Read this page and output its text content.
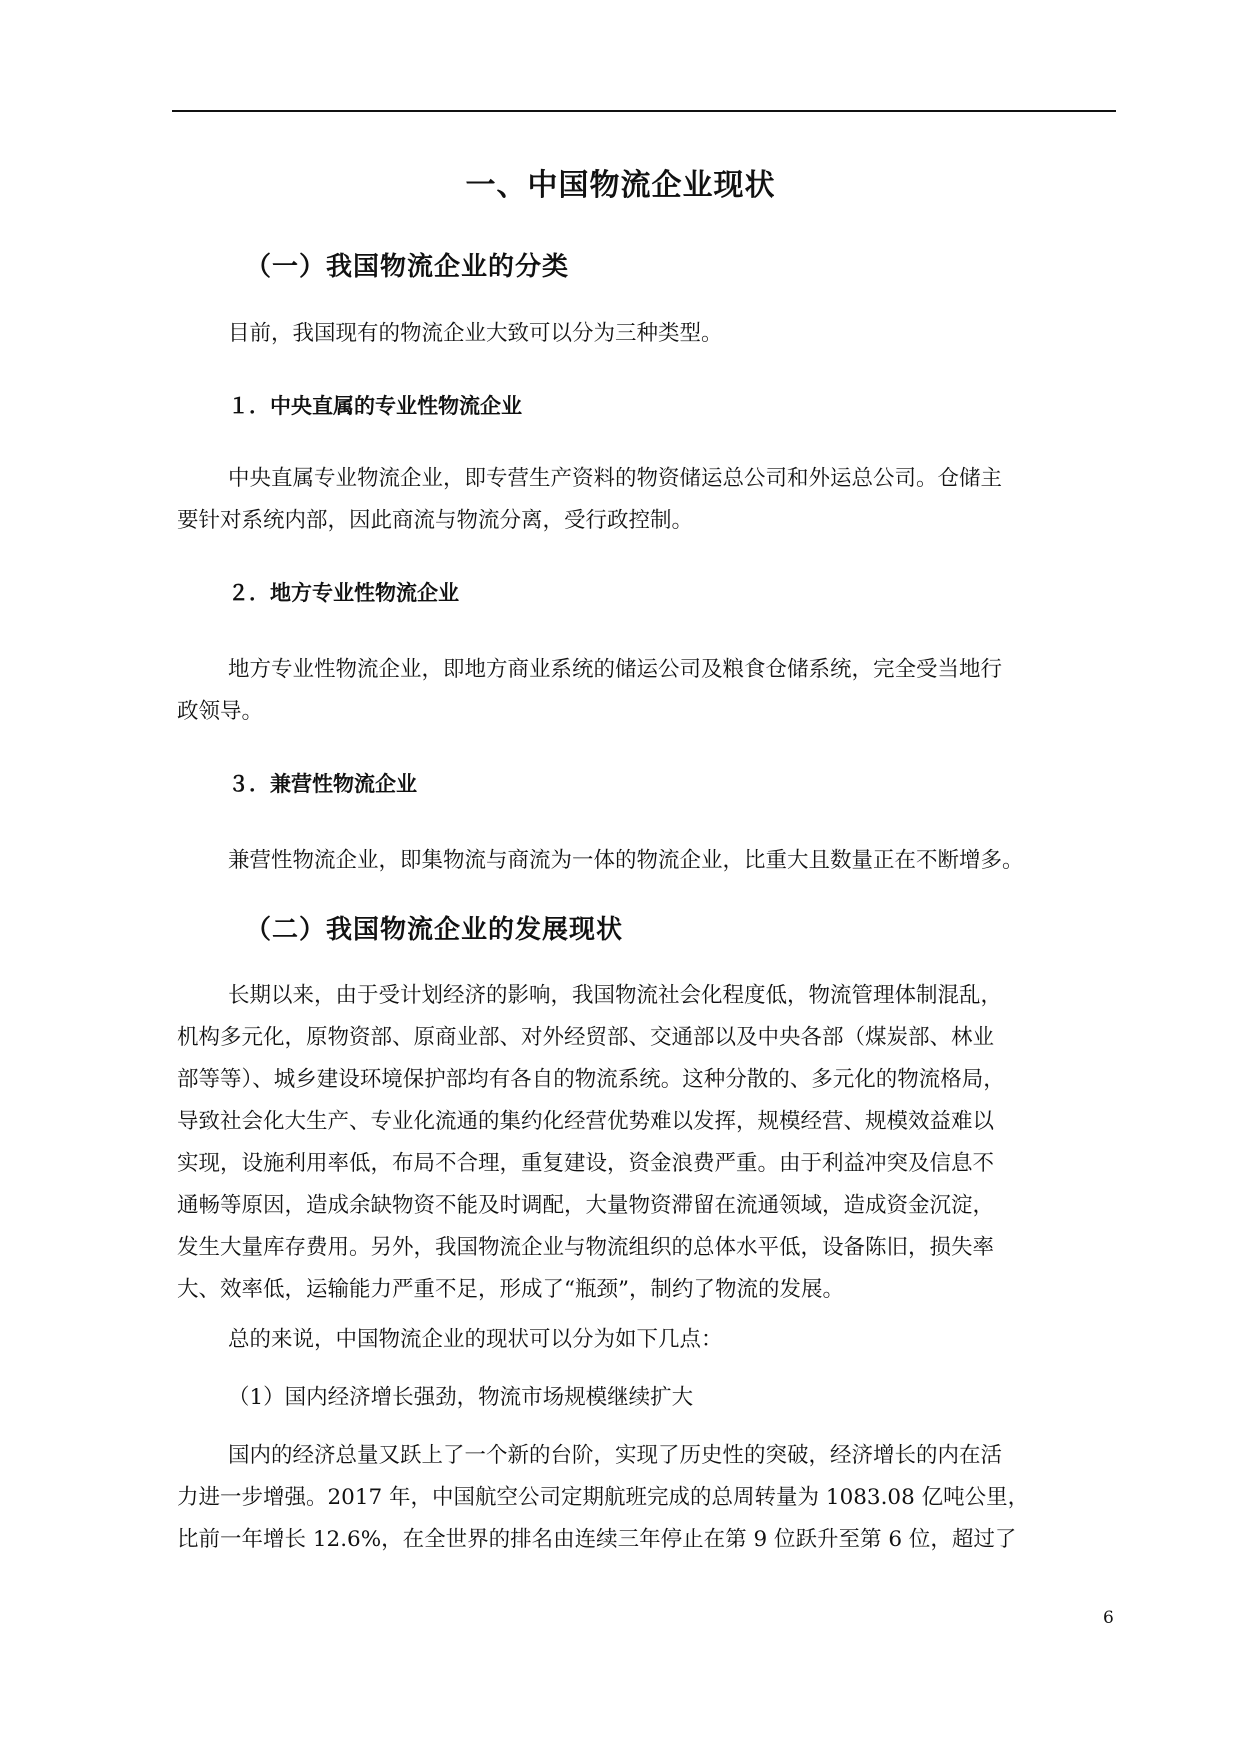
一、中国物流企业现状
（一）我国物流企业的分类
目前，我国现有的物流企业大致可以分为三种类型。
１．中央直属的专业性物流企业
中央直属专业物流企业，即专营生产资料的物资储运总公司和外运总公司。仓储主
要针对系统内部，因此商流与物流分离，受行政控制。
２．地方专业性物流企业
地方专业性物流企业，即地方商业系统的储运公司及粮食仓储系统，完全受当地行
政领导。
３．兼营性物流企业
兼营性物流企业，即集物流与商流为一体的物流企业，比重大且数量正在不断增多。
（二）我国物流企业的发展现状
长期以来，由于受计划经济的影响，我国物流社会化程度低，物流管理体制混乱，
机构多元化，原物资部、原商业部、对外经贸部、交通部以及中央各部（煤炭部、林业
部等等）、城乡建设环境保护部均有各自的物流系统。这种分散的、多元化的物流格局，
导致社会化大生产、专业化流通的集约化经营优势难以发挥，规模经营、规模效益难以
实现，设施利用率低，布局不合理，重复建设，资金浪费严重。由于利益冲突及信息不
通畅等原因，造成余缺物资不能及时调配，大量物资滞留在流通领域，造成资金沉淀，
发生大量库存费用。另外，我国物流企业与物流组织的总体水平低，设备陈旧，损失率
大、效率低，运输能力严重不足，形成了“瓶颈”，制约了物流的发展。
总的来说，中国物流企业的现状可以分为如下几点：
（1）国内经济增长强劲，物流市场规模继续扩大
国内的经济总量又跃上了一个新的台阶，实现了历史性的突破，经济增长的内在活
力进一步增强。2017 年，中国航空公司定期航班完成的总周转量为 1083.08 亿吨公里，
比前一年增长 12.6%，在全世界的排名由连续三年停止在第 9 位跃升至第 6 位，超过了
6
